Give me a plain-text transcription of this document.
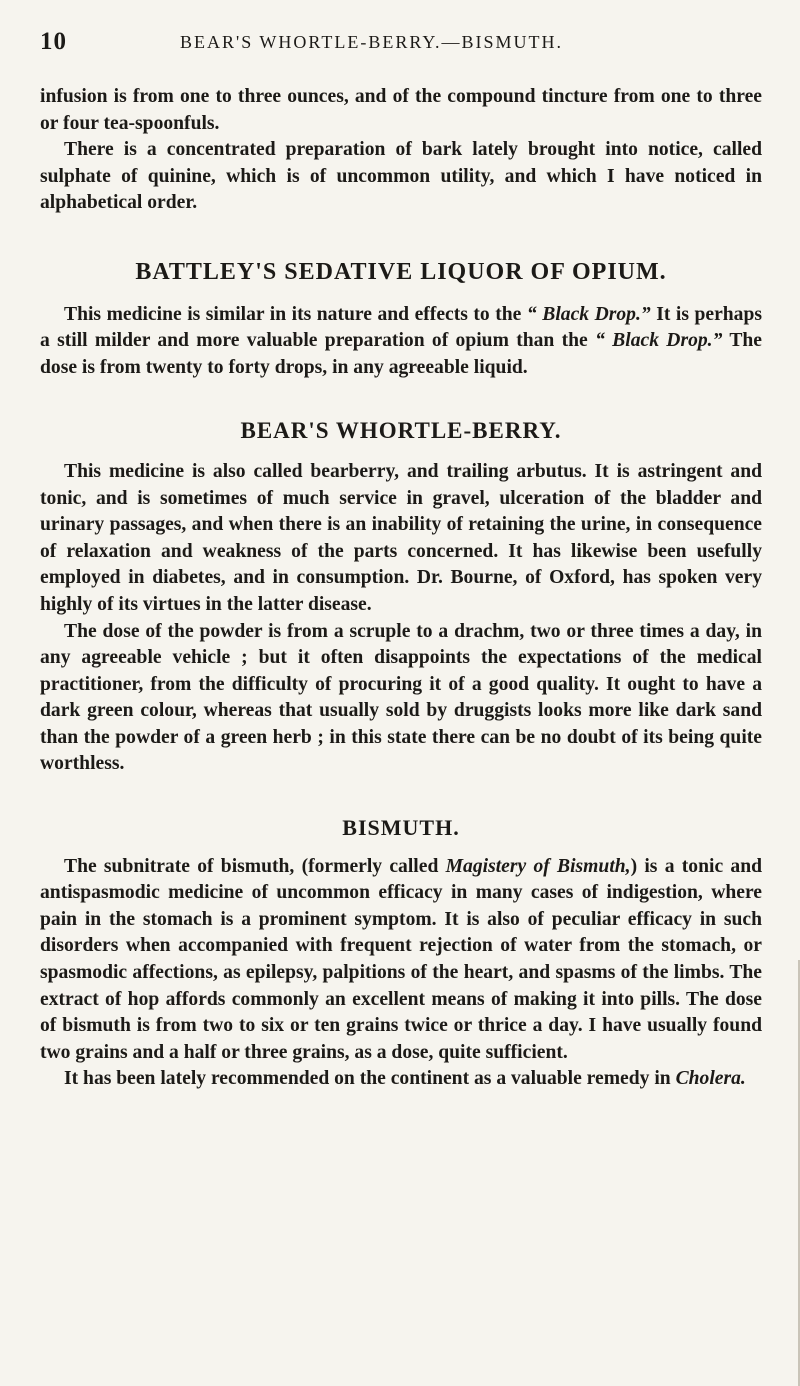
10	BEAR'S WHORTLE-BERRY.—BISMUTH.

infusion is from one to three ounces, and of the compound tincture from one to three or four tea-spoonfuls.

There is a concentrated preparation of bark lately brought into notice, called sulphate of quinine, which is of uncommon utility, and which I have noticed in alphabetical order.

BATTLEY'S SEDATIVE LIQUOR OF OPIUM.

This medicine is similar in its nature and effects to the “ Black Drop.” It is perhaps a still milder and more valuable preparation of opium than the “ Black Drop.” The dose is from twenty to forty drops, in any agreeable liquid.

BEAR'S WHORTLE-BERRY.

This medicine is also called bearberry, and trailing arbutus. It is astringent and tonic, and is sometimes of much service in gravel, ulceration of the bladder and urinary passages, and when there is an inability of retaining the urine, in consequence of relaxation and weakness of the parts concerned. It has likewise been usefully employed in diabetes, and in consumption. Dr. Bourne, of Oxford, has spoken very highly of its virtues in the latter disease.

The dose of the powder is from a scruple to a drachm, two or three times a day, in any agreeable vehicle ; but it often disappoints the expectations of the medical practitioner, from the difficulty of procuring it of a good quality. It ought to have a dark green colour, whereas that usually sold by druggists looks more like dark sand than the powder of a green herb ; in this state there can be no doubt of its being quite worthless.

BISMUTH.

The subnitrate of bismuth, (formerly called Magistery of Bismuth,) is a tonic and antispasmodic medicine of uncommon efficacy in many cases of indigestion, where pain in the stomach is a prominent symptom. It is also of peculiar efficacy in such disorders when accompanied with frequent rejection of water from the stomach, or spasmodic affections, as epilepsy, palpitions of the heart, and spasms of the limbs. The extract of hop affords commonly an excellent means of making it into pills. The dose of bismuth is from two to six or ten grains twice or thrice a day. I have usually found two grains and a half or three grains, as a dose, quite sufficient.

It has been lately recommended on the continent as a valuable remedy in Cholera.
